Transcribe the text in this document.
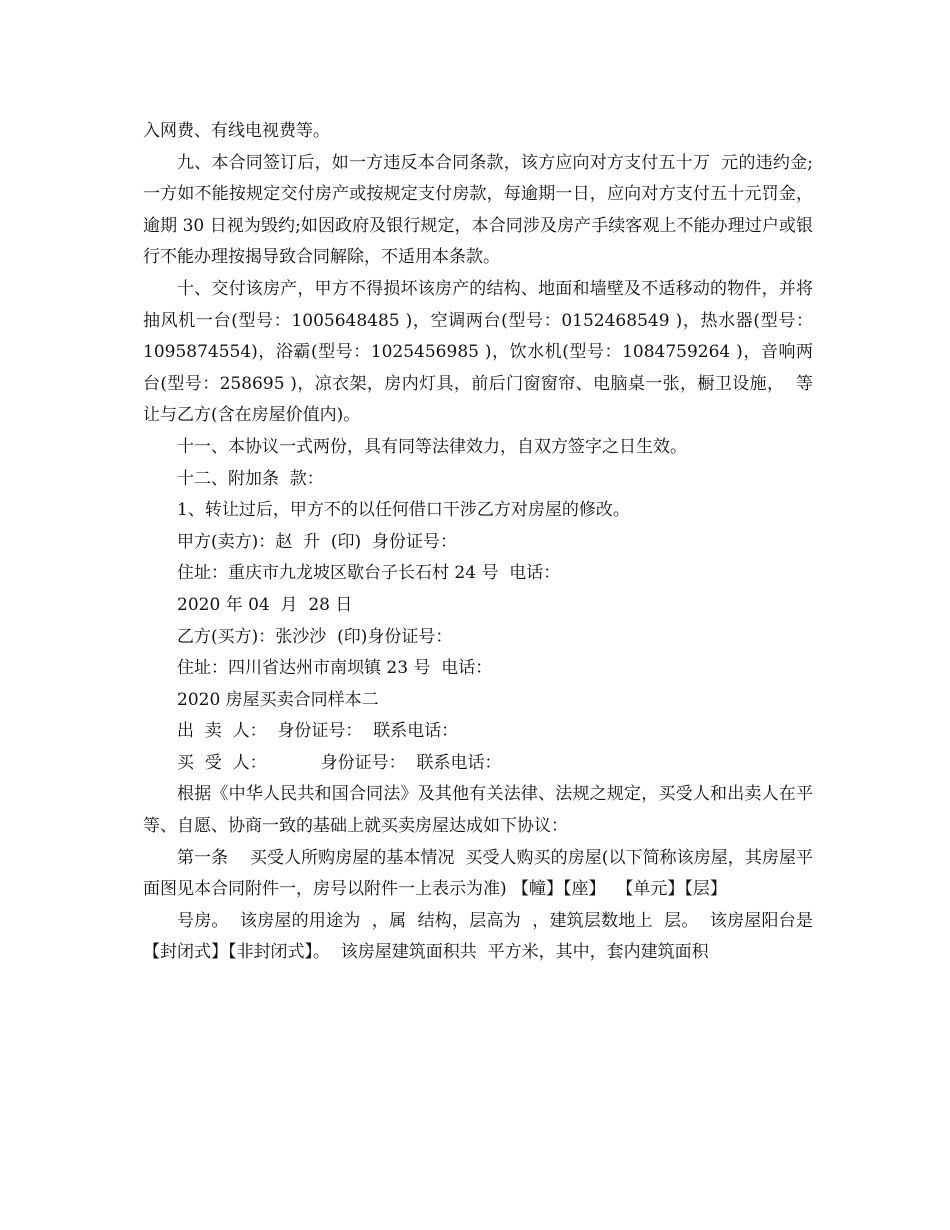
入网费、有线电视费等。

九、本合同签订后，如一方违反本合同条款，该方应向对方支付五十万  元的违约金;一方如不能按规定交付房产或按规定支付房款，每逾期一日，应向对方支付五十元罚金，逾期 30 日视为毁约;如因政府及银行规定，本合同涉及房产手续客观上不能办理过户或银行不能办理按揭导致合同解除，不适用本条款。

十、交付该房产，甲方不得损坏该房产的结构、地面和墙壁及不适移动的物件，并将抽风机一台(型号：1005648485 )，空调两台(型号：0152468549 )，热水器(型号：1095874554)，浴霸(型号：1025456985 )，饮水机(型号：1084759264 )，音响两台(型号：258695 )，凉衣架，房内灯具，前后门窗窗帘、电脑桌一张，橱卫设施，  等让与乙方(含在房屋价值内)。

十一、本协议一式两份，具有同等法律效力，自双方签字之日生效。

十二、附加条  款：

1、转让过后，甲方不的以任何借口干涉乙方对房屋的修改。

甲方(卖方)：赵  升  (印)  身份证号：

住址：重庆市九龙坡区歇台子长石村 24 号  电话：

2020 年 04  月  28 日

乙方(买方)：张沙沙  (印)身份证号：

住址：四川省达州市南坝镇 23 号  电话：

2020 房屋买卖合同样本二

出  卖  人：  身份证号：  联系电话：

买  受  人：          身份证号：  联系电话：

根据《中华人民共和国合同法》及其他有关法律、法规之规定，买受人和出卖人在平等、自愿、协商一致的基础上就买卖房屋达成如下协议：

第一条    买受人所购房屋的基本情况  买受人购买的房屋(以下简称该房屋，其房屋平面图见本合同附件一，房号以附件一上表示为准) 【幢】【座】  【单元】【层】

号房。  该房屋的用途为  ，属  结构，层高为  ，建筑层数地上  层。  该房屋阳台是【封闭式】【非封闭式】。  该房屋建筑面积共  平方米，其中，套内建筑面积
